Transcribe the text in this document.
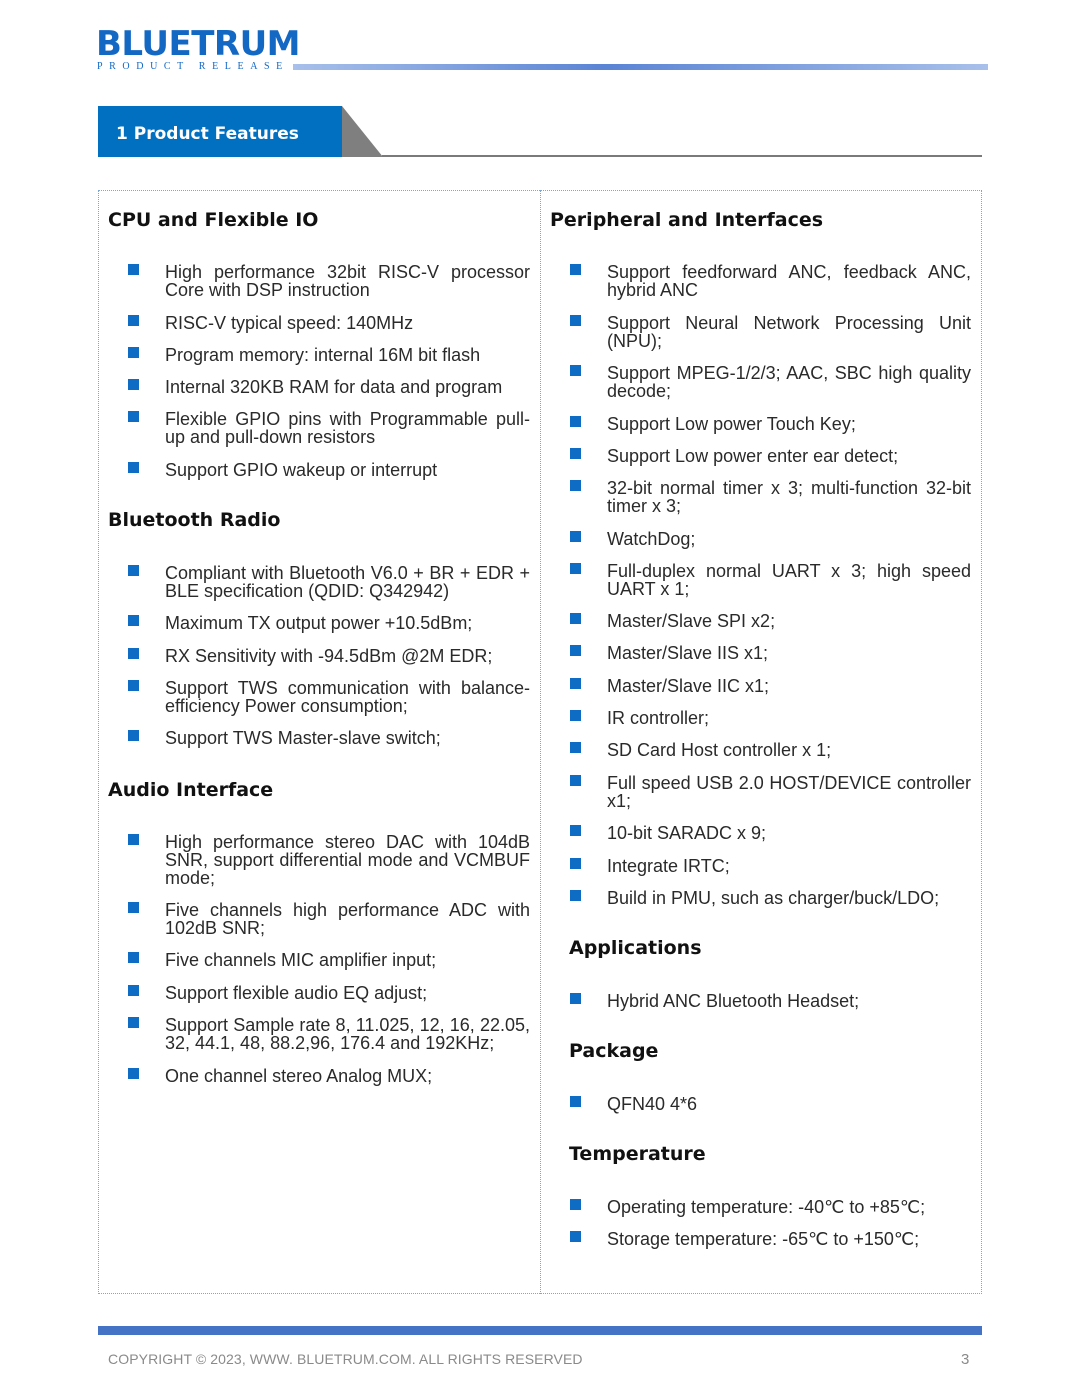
BLUETRUM
PRODUCT RELEASE
1 Product Features
CPU and Flexible IO
High performance 32bit RISC-V processor Core with DSP instruction
RISC-V typical speed: 140MHz
Program memory: internal 16M bit flash
Internal 320KB RAM for data and program
Flexible GPIO pins with Programmable pull-up and pull-down resistors
Support GPIO wakeup or interrupt
Bluetooth Radio
Compliant with Bluetooth V6.0 + BR + EDR + BLE specification (QDID: Q342942)
Maximum TX output power +10.5dBm;
RX Sensitivity with -94.5dBm @2M EDR;
Support TWS communication with balance-efficiency Power consumption;
Support TWS Master-slave switch;
Audio Interface
High performance stereo DAC with 104dB SNR, support differential mode and VCMBUF mode;
Five channels high performance ADC with 102dB SNR;
Five channels MIC amplifier input;
Support flexible audio EQ adjust;
Support Sample rate 8, 11.025, 12, 16, 22.05, 32, 44.1, 48, 88.2,96, 176.4 and 192KHz;
One channel stereo Analog MUX;
Peripheral and Interfaces
Support feedforward ANC, feedback ANC, hybrid ANC
Support Neural Network Processing Unit (NPU);
Support MPEG-1/2/3; AAC, SBC high quality decode;
Support Low power Touch Key;
Support Low power enter ear detect;
32-bit normal timer x 3; multi-function 32-bit timer x 3;
WatchDog;
Full-duplex normal UART x 3; high speed UART x 1;
Master/Slave SPI x2;
Master/Slave IIS x1;
Master/Slave IIC x1;
IR controller;
SD Card Host controller x 1;
Full speed USB 2.0 HOST/DEVICE controller x1;
10-bit SARADC x 9;
Integrate IRTC;
Build in PMU, such as charger/buck/LDO;
Applications
Hybrid ANC Bluetooth Headset;
Package
QFN40 4*6
Temperature
Operating temperature: -40℃ to +85℃;
Storage temperature: -65℃ to +150℃;
COPYRIGHT © 2023, WWW. BLUETRUM.COM. ALL RIGHTS RESERVED	3
